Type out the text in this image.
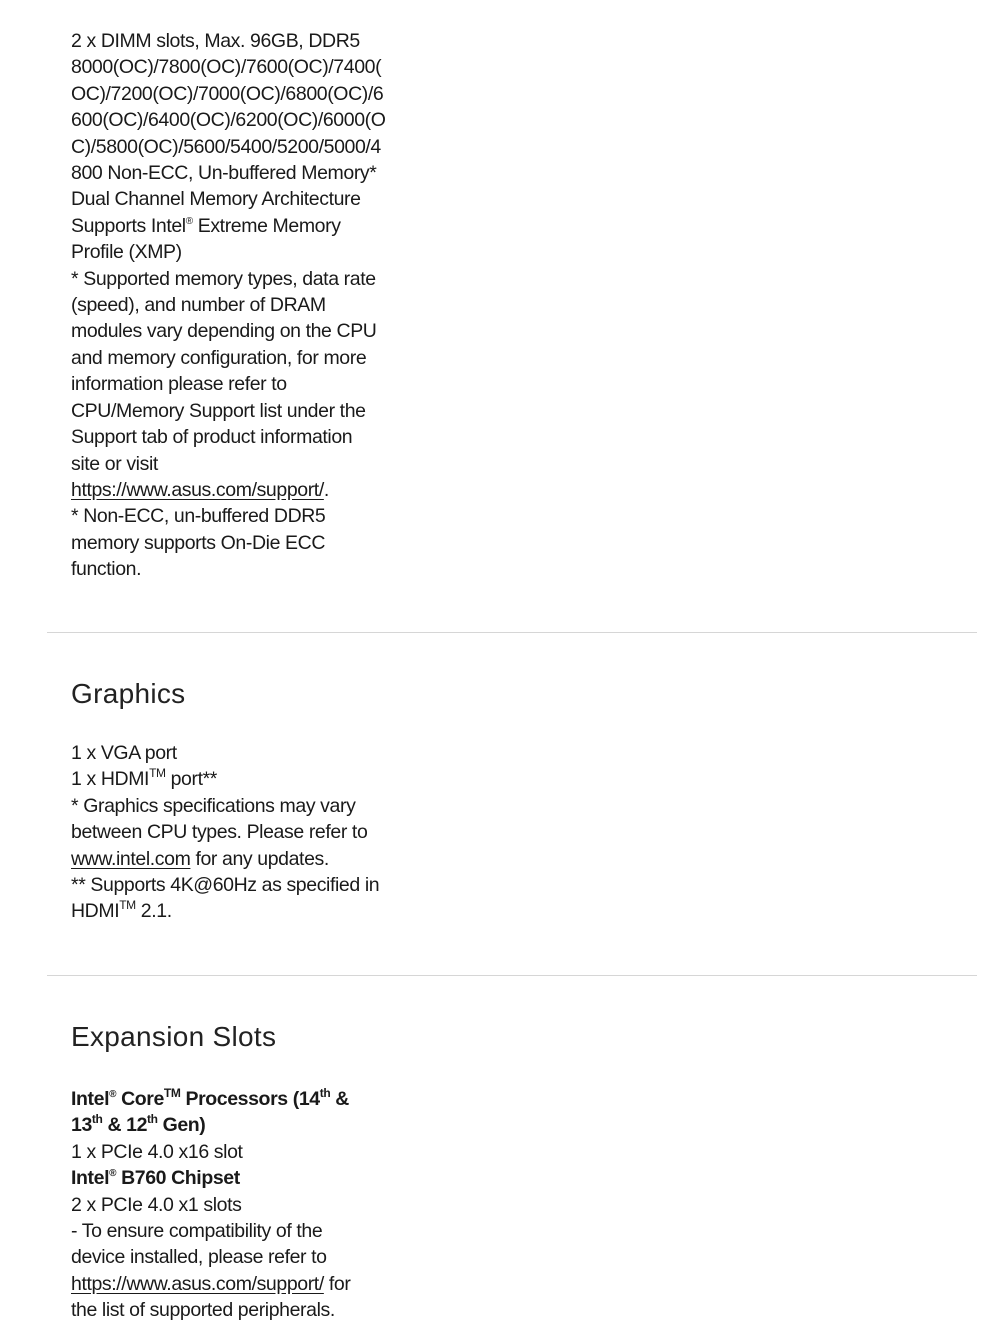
2 x DIMM slots, Max. 96GB, DDR5
8000(OC)/7800(OC)/7600(OC)/7400(
OC)/7200(OC)/7000(OC)/6800(OC)/6
600(OC)/6400(OC)/6200(OC)/6000(O
C)/5800(OC)/5600/5400/5200/5000/4
800 Non-ECC, Un-buffered Memory*
Dual Channel Memory Architecture
Supports Intel® Extreme Memory
Profile (XMP)
* Supported memory types, data rate
(speed), and number of DRAM
modules vary depending on the CPU
and memory configuration, for more
information please refer to
CPU/Memory Support list under the
Support tab of product information
site or visit
https://www.asus.com/support/.
* Non-ECC, un-buffered DDR5
memory supports On-Die ECC
function.
Graphics
1 x VGA port
1 x HDMI™ port**
* Graphics specifications may vary
between CPU types. Please refer to
www.intel.com for any updates.
** Supports 4K@60Hz as specified in
HDMI™ 2.1.
Expansion Slots
Intel® Core™ Processors (14th &
13th & 12th Gen)
1 x PCIe 4.0 x16 slot
Intel® B760 Chipset
2 x PCIe 4.0 x1 slots
- To ensure compatibility of the
device installed, please refer to
https://www.asus.com/support/ for
the list of supported peripherals.
